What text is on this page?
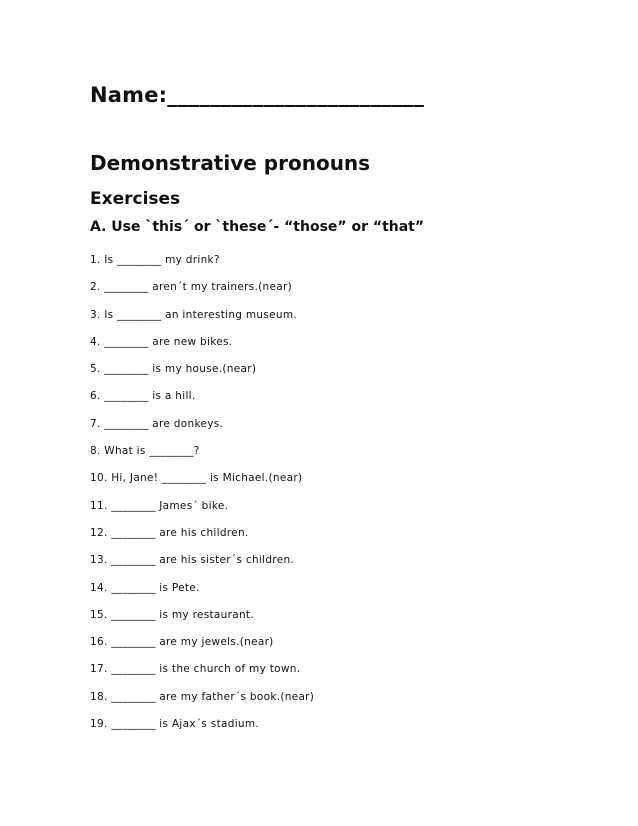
Name:________________________
Demonstrative pronouns
Exercises
A. Use `this´ or `these´- “those” or “that”
1. Is ________ my drink?
2. ________ aren´t my trainers.(near)
3. Is ________ an interesting museum.
4. ________ are new bikes.
5. ________ is my house.(near)
6. ________ is a hill.
7. ________ are donkeys.
8. What is ________?
10. Hi, Jane! ________ is Michael.(near)
11. ________ James´ bike.
12. ________ are his children.
13. ________ are his sister´s children.
14. ________ is Pete.
15. ________ is my restaurant.
16. ________ are my jewels.(near)
17. ________ is the church of my town.
18. ________ are my father´s book.(near)
19. ________ is Ajax´s stadium.
